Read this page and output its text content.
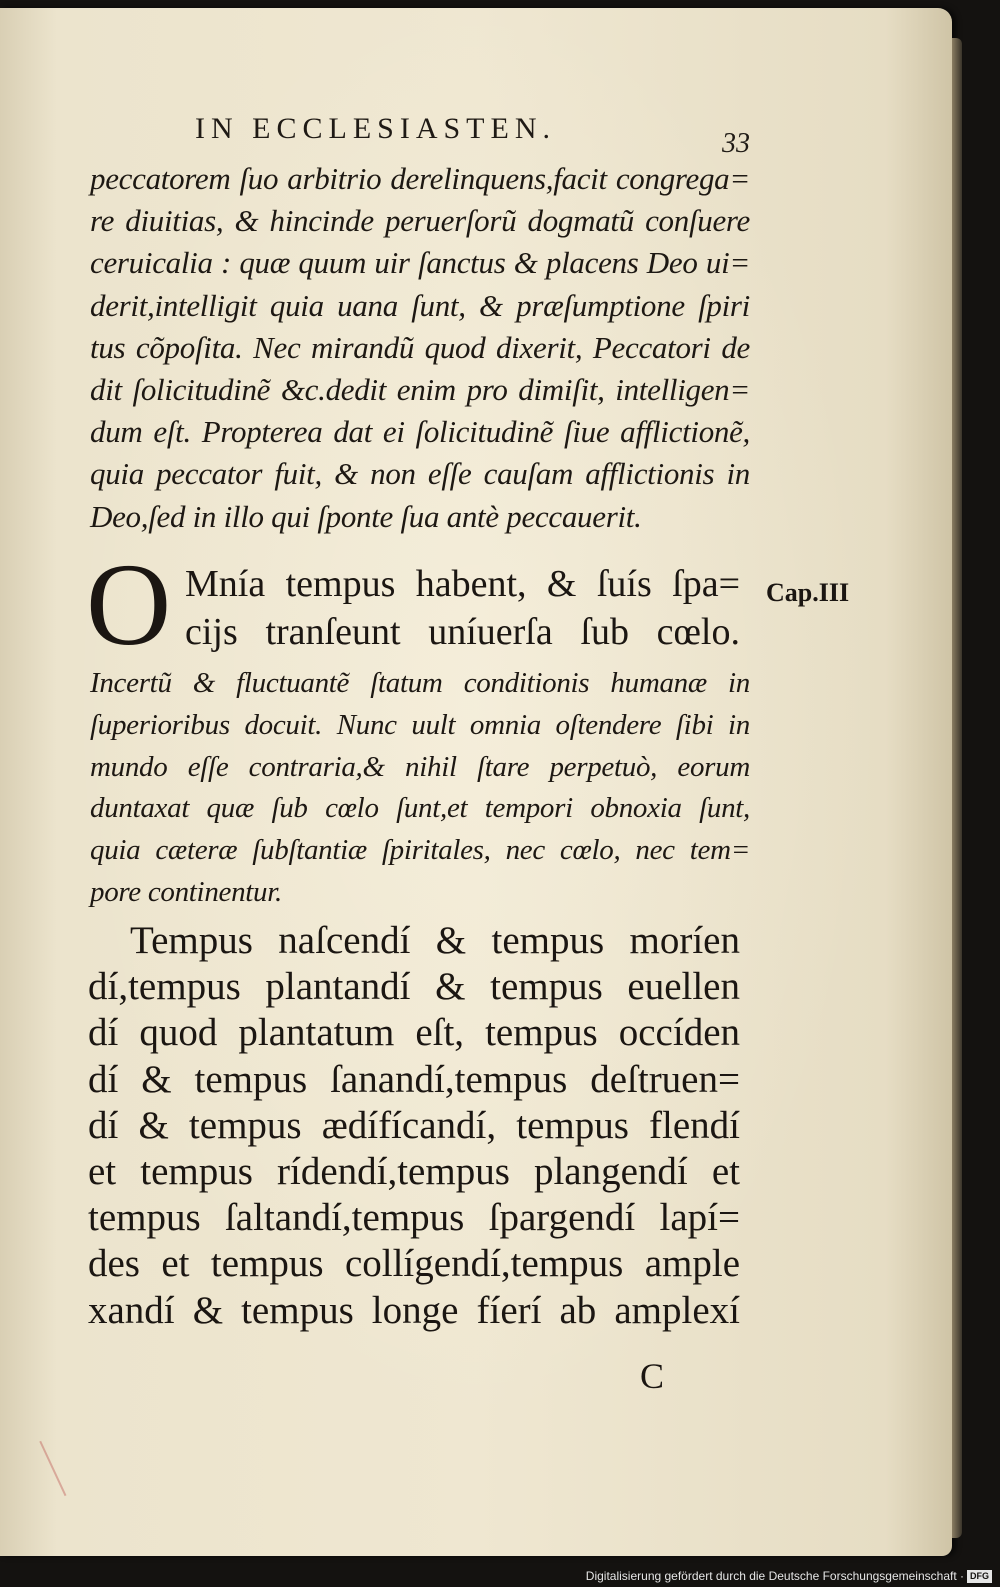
IN ECCLESIASTEN.	33
peccatorem ſuo arbitrio derelinquens,facit congrega=
re diuitias, & hincinde peruerſorũ dogmatũ conſuere
ceruicalia : quæ quum uir ſanctus & placens Deo ui=
derit,intelligit quia uana ſunt, & præſumptione ſpiri
tus cõpoſita. Nec mirandũ quod dixerit, Peccatori de
dit ſolicitudinẽ &c.dedit enim pro dimiſit, intelligen=
dum eſt. Propterea dat ei ſolicitudinẽ ſiue afflictionẽ,
quia peccator fuit, & non eſſe cauſam afflictionis in
Deo,ſed in illo qui ſponte ſua antè peccauerit.
O Mnía tempus habent, & ſuís ſpa=
cijs tranſeunt uníuerſa ſub cœlo.
Cap.III
Incertũ & fluctuantẽ ſtatum conditionis humanæ in
ſuperioribus docuit. Nunc uult omnia oſtendere ſibi in
mundo eſſe contraria,& nihil ſtare perpetuò, eorum
duntaxat quæ ſub cœlo ſunt,et tempori obnoxia ſunt,
quia cæteræ ſubſtantiæ ſpiritales, nec cœlo, nec tem=
pore continentur.
Tempus naſcendí & tempus moríen
dí,tempus plantandí & tempus euellen
dí quod plantatum eſt, tempus occíden
dí & tempus ſanandí,tempus deſtruen=
dí & tempus ædífícandí, tempus flendí
et tempus rídendí,tempus plangendí et
tempus ſaltandí,tempus ſpargendí lapí=
des et tempus collígendí,tempus ample
xandí & tempus longe fíerí ab amplexí
C
Digitalisierung gefördert durch die Deutsche Forschungsgemeinschaft · DFG
